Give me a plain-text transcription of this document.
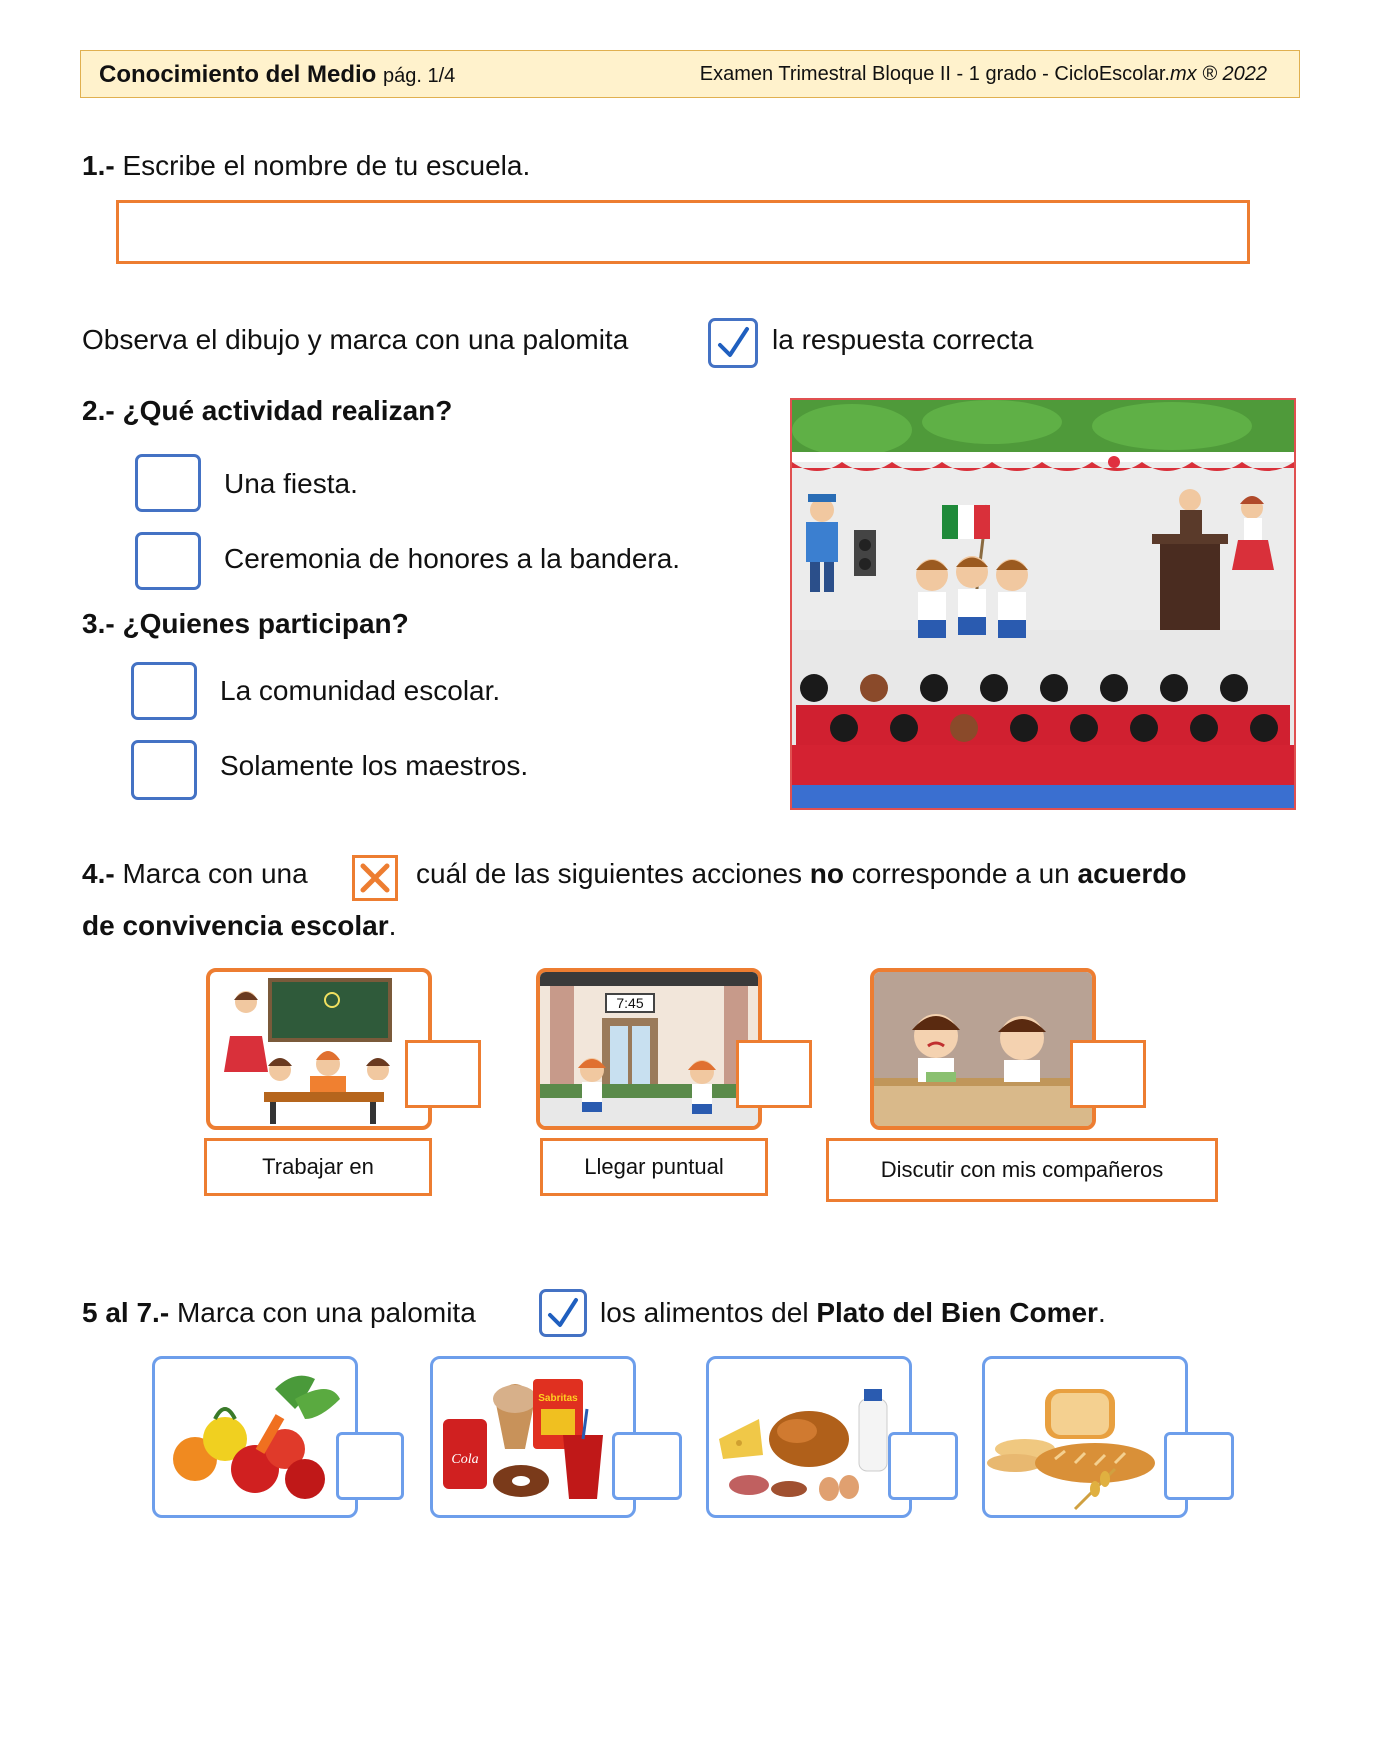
Conocimiento del Medio pág. 1/4	Examen Trimestral Bloque II - 1 grado - CicloEscolar.mx ® 2022
1.- Escribe el nombre de tu escuela.
Observa el dibujo y marca con una palomita	la respuesta correcta
2.- ¿Qué actividad realizan?
Una fiesta.
Ceremonia de honores a la bandera.
3.- ¿Quienes participan?
La comunidad escolar.
Solamente los maestros.
4.- Marca con una	cuál de las siguientes acciones no corresponde a un acuerdo
de convivencia escolar.
Trabajar en
7:45
Llegar puntual	Discutir con mis compañeros
5 al 7.- Marca con una palomita	los alimentos del Plato del Bien Comer.
Cola
Sabritas
